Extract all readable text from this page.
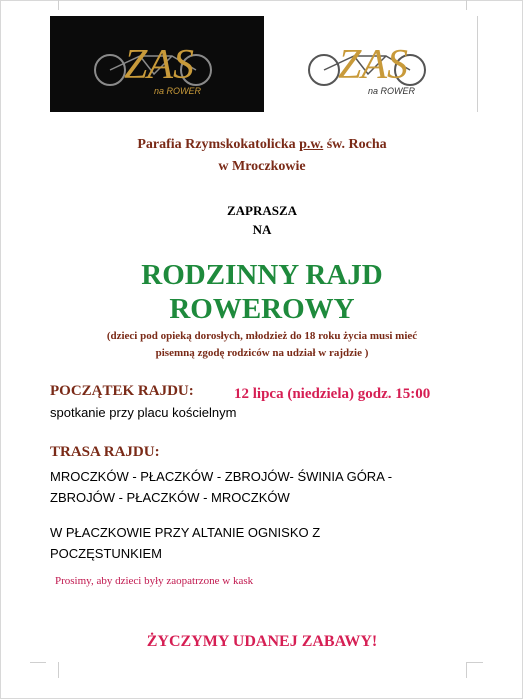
ZAS
na ROWER
ZAS
na ROWER
Parafia Rzymskokatolicka p.w. św. Rocha
w Mroczkowie
ZAPRASZA
NA
RODZINNY RAJD
ROWEROWY
(dzieci pod opieką dorosłych, młodzież do 18 roku życia musi mieć
pisemną zgodę rodziców na udział w rajdzie )
POCZĄTEK RAJDU:	12 lipca (niedziela) godz. 15:00
spotkanie przy placu kościelnym
TRASA RAJDU:
MROCZKÓW - PŁACZKÓW - ZBROJÓW- ŚWINIA GÓRA -
ZBROJÓW - PŁACZKÓW - MROCZKÓW
W PŁACZKOWIE PRZY ALTANIE OGNISKO Z
POCZĘSTUNKIEM
Prosimy, aby dzieci były zaopatrzone w kask
ŻYCZYMY UDANEJ ZABAWY!
